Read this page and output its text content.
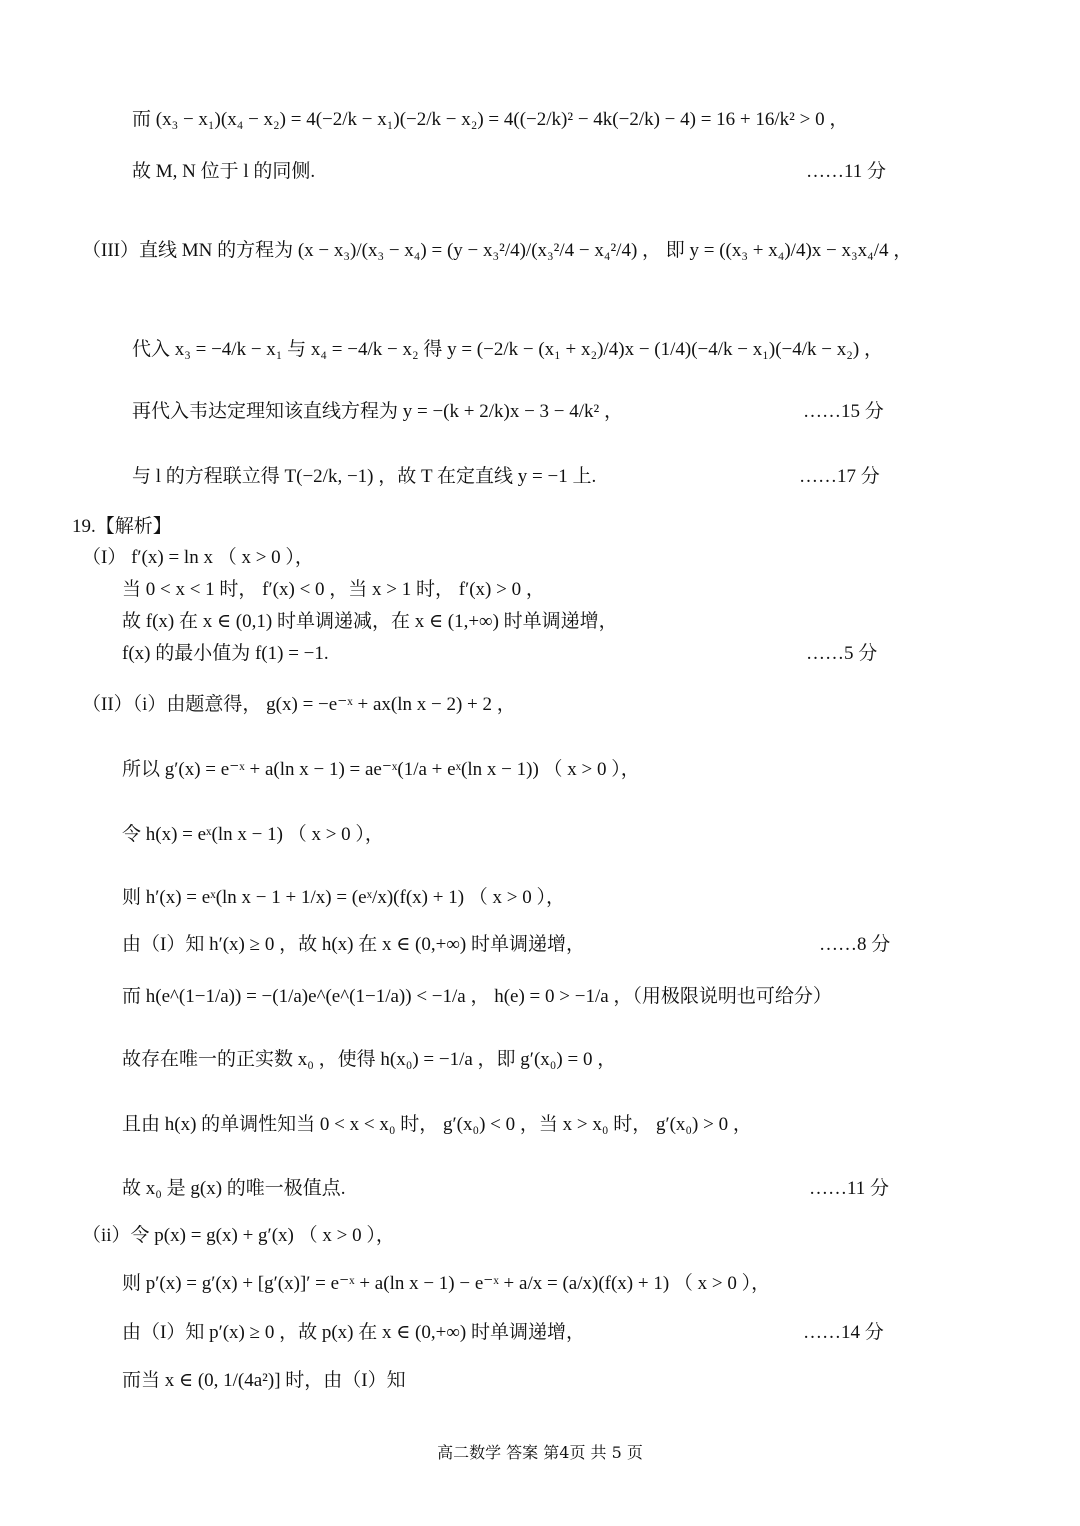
而 (x₃ − x₁)(x₄ − x₂) = 4(−2/k − x₁)(−2/k − x₂) = 4((−2/k)² − 4k(−2/k) − 4) = 16 + 16/k² > 0 ，
故 M, N 位于 l 的同侧.	……11 分
（III）直线 MN 的方程为 (x − x₃)/(x₃ − x₄) = (y − x₃²/4)/(x₃²/4 − x₄²/4) ， 即 y = ((x₃ + x₄)/4)x − x₃x₄/4 ，
代入 x₃ = −4/k − x₁ 与 x₄ = −4/k − x₂ 得 y = (−2/k − (x₁ + x₂)/4)x − (1/4)(−4/k − x₁)(−4/k − x₂) ，
再代入韦达定理知该直线方程为 y = −(k + 2/k)x − 3 − 4/k² ，	……15 分
与 l 的方程联立得 T(−2/k, −1) ，故 T 在定直线 y = −1 上.	……17 分
19.【解析】
（I） f′(x) = ln x （ x > 0 ），
当 0 < x < 1 时， f′(x) < 0 ，当 x > 1 时， f′(x) > 0 ，
故 f(x) 在 x ∈ (0,1) 时单调递减，在 x ∈ (1,+∞) 时单调递增，
f(x) 的最小值为 f(1) = −1.	……5 分
（II）（i）由题意得， g(x) = −e⁻ˣ + ax(ln x − 2) + 2 ，
所以 g′(x) = e⁻ˣ + a(ln x − 1) = ae⁻ˣ(1/a + eˣ(ln x − 1)) （ x > 0 ），
令 h(x) = eˣ(ln x − 1) （ x > 0 ），
则 h′(x) = eˣ(ln x − 1 + 1/x) = (eˣ/x)(f(x) + 1) （ x > 0 ），
由（I）知 h′(x) ≥ 0 ，故 h(x) 在 x ∈ (0,+∞) 时单调递增，	……8 分
而 h(e^(1−1/a)) = −(1/a)e^(e^(1−1/a)) < −1/a ， h(e) = 0 > −1/a ，（用极限说明也可给分）
故存在唯一的正实数 x₀ ，使得 h(x₀) = −1/a ，即 g′(x₀) = 0 ，
且由 h(x) 的单调性知当 0 < x < x₀ 时， g′(x₀) < 0 ，当 x > x₀ 时， g′(x₀) > 0 ，
故 x₀ 是 g(x) 的唯一极值点.	……11 分
（ii）令 p(x) = g(x) + g′(x) （ x > 0 ），
则 p′(x) = g′(x) + [g′(x)]′ = e⁻ˣ + a(ln x − 1) − e⁻ˣ + a/x = (a/x)(f(x) + 1) （ x > 0 ），
由（I）知 p′(x) ≥ 0 ，故 p(x) 在 x ∈ (0,+∞) 时单调递增，	……14 分
而当 x ∈ (0, 1/(4a²)] 时，由（I）知
高二数学 答案 第4页 共 5 页
